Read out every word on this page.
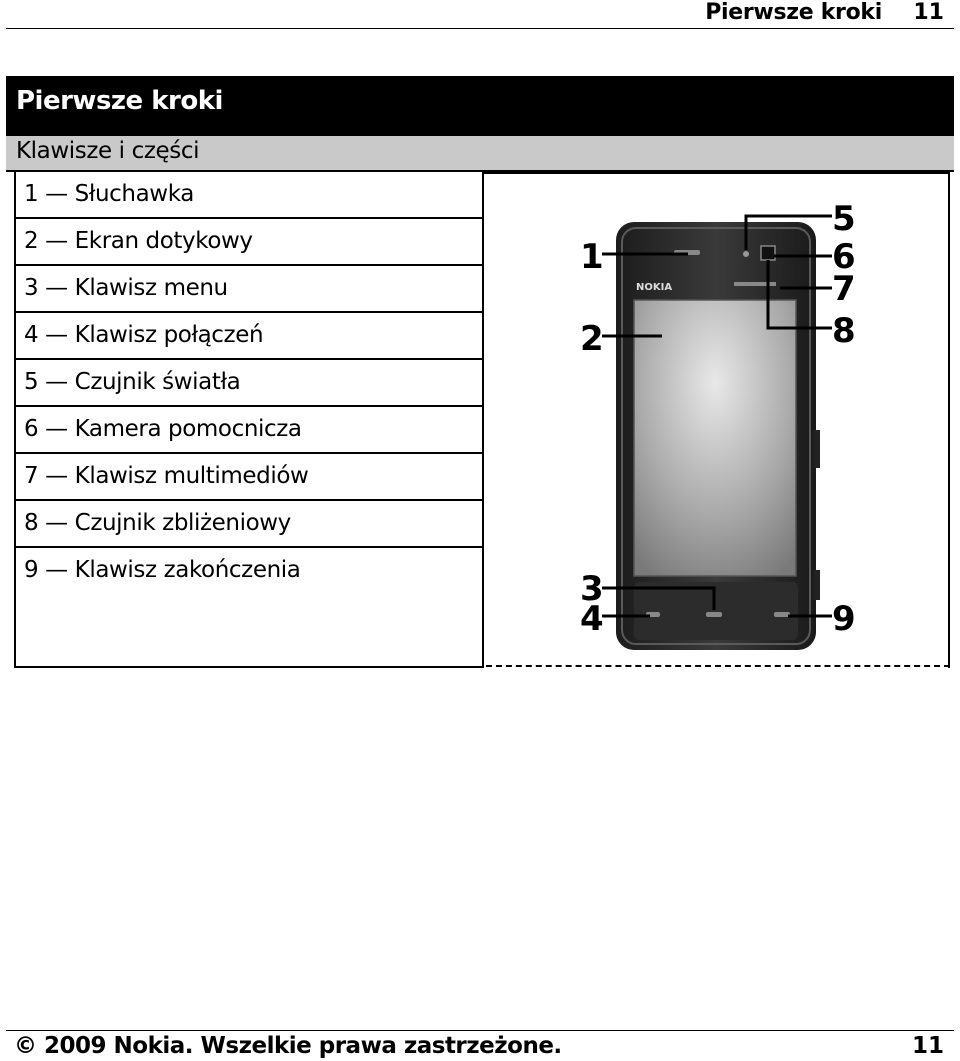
Pierwsze kroki 11
Pierwsze kroki
Klawisze i części
1 — Słuchawka
2 — Ekran dotykowy
3 — Klawisz menu
4 — Klawisz połączeń
5 — Czujnik światła
6 — Kamera pomocnicza
7 — Klawisz multimediów
8 — Czujnik zbliżeniowy
9 — Klawisz zakończenia
NOKIA
1
2
3
4
5
6
7
8
9
© 2009 Nokia. Wszelkie prawa zastrzeżone.	11
